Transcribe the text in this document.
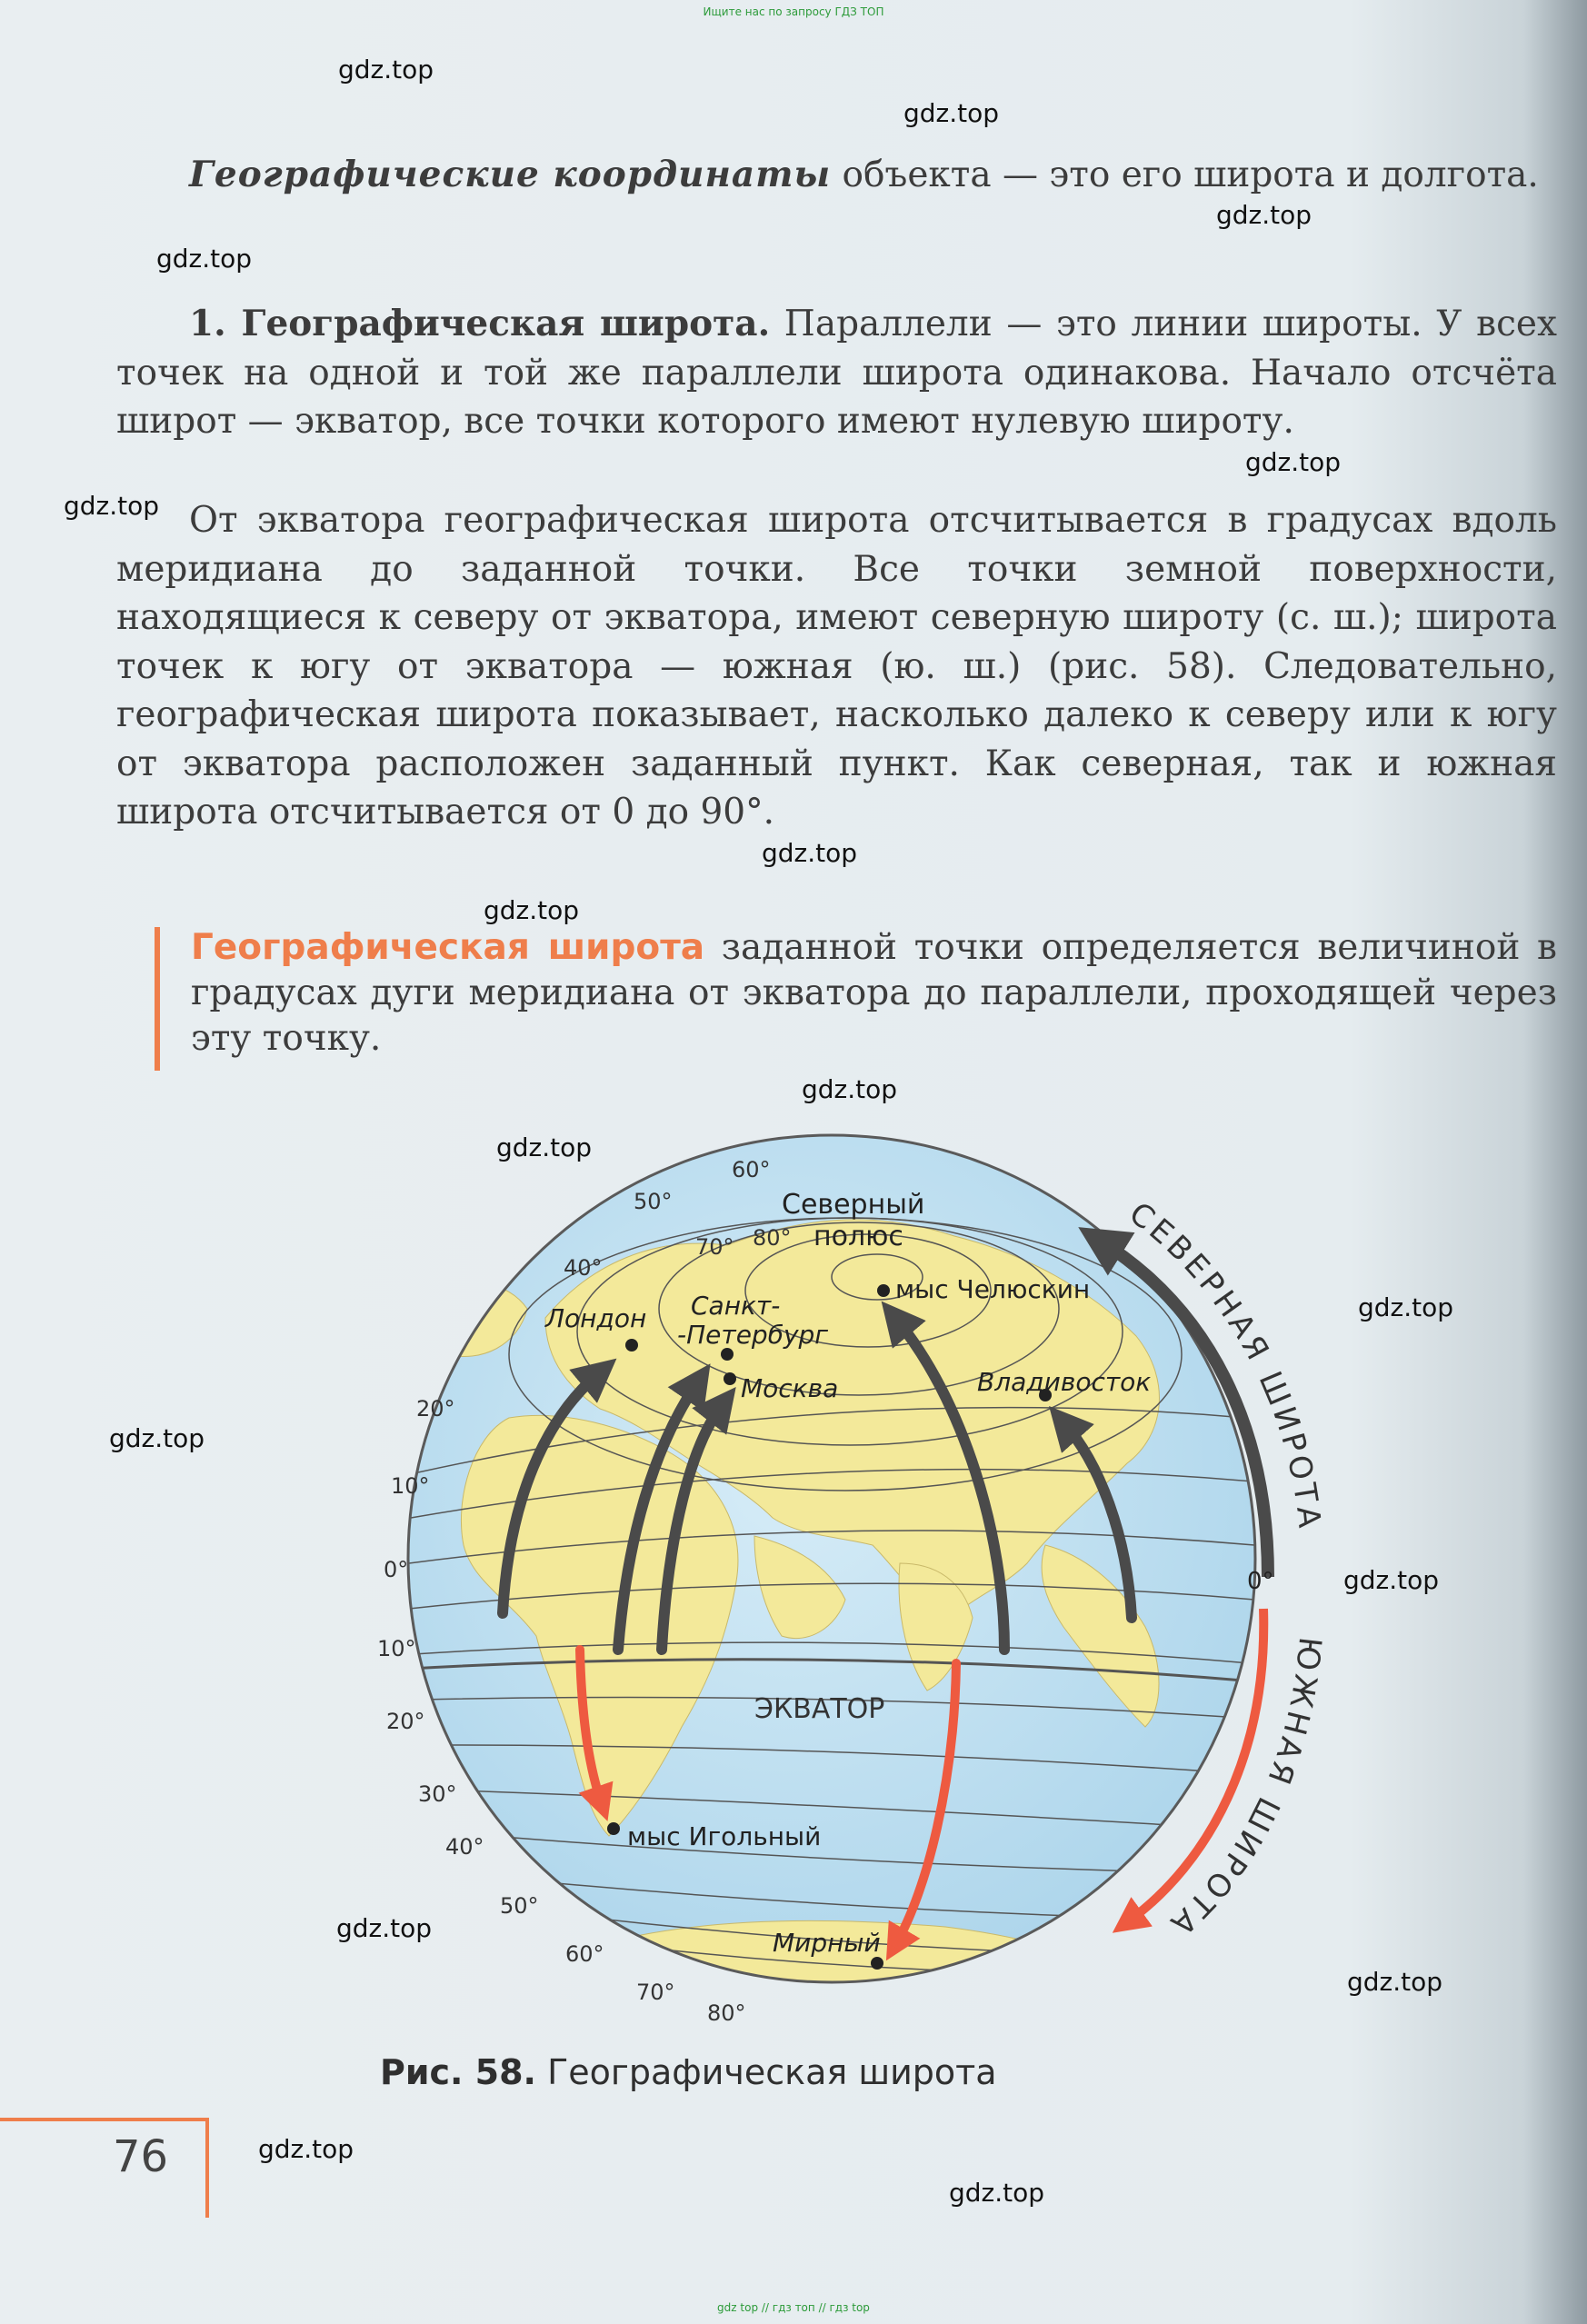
Ищите нас по запросу ГДЗ ТОП
gdz.top
gdz.top
gdz.top
gdz.top
gdz.top
gdz.top
gdz.top
gdz.top
gdz.top
gdz.top
gdz.top
gdz.top
gdz.top
gdz.top
gdz.top
gdz.top
gdz.top
Географические координаты объекта — это его широта и долгота.
1. Географическая широта. Параллели — это линии широты. У всех точек на одной и той же параллели широта одинакова. Начало отсчёта широт — экватор, все точки которого имеют нулевую широту.
От экватора географическая широта отсчитывается в градусах вдоль меридиана до заданной точки. Все точки земной поверхности, находящиеся к северу от экватора, имеют северную широту (с. ш.); широта точек к югу от экватора — южная (ю. ш.) (рис. 58). Следовательно, географическая широта показывает, насколько далеко к северу или к югу от экватора расположен заданный пункт. Как северная, так и южная широта отсчитывается от 0 до 90°.
Географическая широта заданной точки определяется величиной в градусах дуги меридиана от экватора до параллели, проходящей через эту точку.
СЕВЕРНАЯ ШИРОТА
ЮЖНАЯ ШИРОТА
Северный
полюс
ЭКВАТОР
0°
Лондон Санкт-
-Петербург
Москва	Владивосток
Мирный
мыс Челюскин
мыс Игольный
40°
50°
60°
70° 80°
20°
10°
0°
10°
20°
30°
40°
50°
60°
70°
80°
Рис. 58. Географическая широта
76
gdz top // гдз топ // гдз top
